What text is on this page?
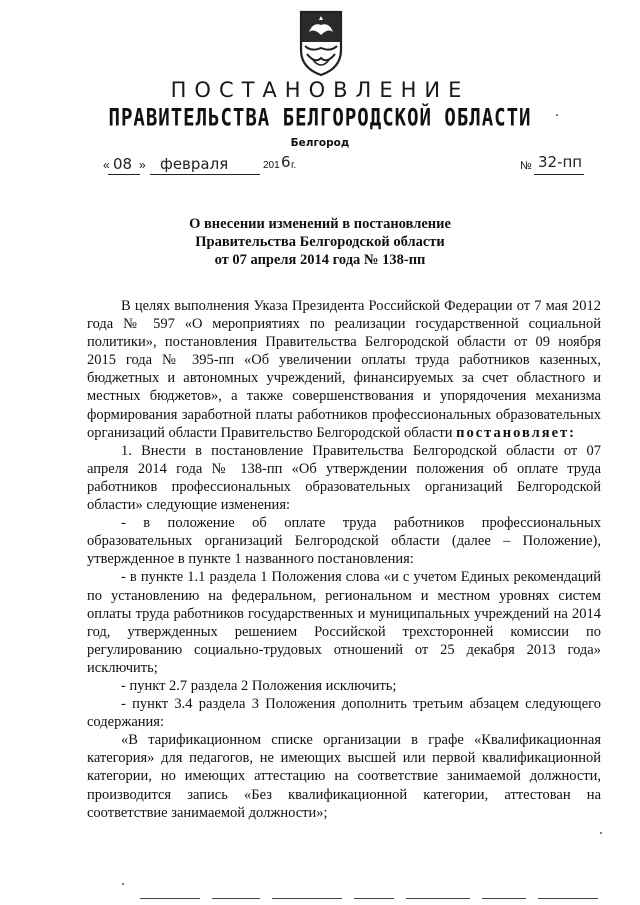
ПОСТАНОВЛЕНИЕ
ПРАВИТЕЛЬСТВА БЕЛГОРОДСКОЙ ОБЛАСТИ
Белгород
« 08 » февраля	201 6 г.	№ 32-пп
О внесении изменений в постановление
Правительства Белгородской области
от 07 апреля 2014 года № 138-пп

В целях выполнения Указа Президента Российской Федерации от 7 мая 2012 года № 597 «О мероприятиях по реализации государственной социальной политики», постановления Правительства Белгородской области от 09 ноября 2015 года № 395-пп «Об увеличении оплаты труда работников казенных, бюджетных и автономных учреждений, финансируемых за счет областного и местных бюджетов», а также совершенствования и упорядочения механизма формирования заработной платы работников профессиональных образовательных организаций области Правительство Белгородской области постановляет:

1. Внести в постановление Правительства Белгородской области от 07 апреля 2014 года № 138-пп «Об утверждении положения об оплате труда работников профессиональных образовательных организаций Белгородской области» следующие изменения:

- в положение об оплате труда работников профессиональных образовательных организаций Белгородской области (далее – Положение), утвержденное в пункте 1 названного постановления:

- в пункте 1.1 раздела 1 Положения слова «и с учетом Единых рекомендаций по установлению на федеральном, региональном и местном уровнях систем оплаты труда работников государственных и муниципальных учреждений на 2014 год, утвержденных решением Российской трехсторонней комиссии по регулированию социально-трудовых отношений от 25 декабря 2013 года» исключить;

- пункт 2.7 раздела 2 Положения исключить;

- пункт 3.4 раздела 3 Положения дополнить третьим абзацем следующего содержания:

«В тарификационном списке организации в графе «Квалификационная категория» для педагогов, не имеющих высшей или первой квалификационной категории, но имеющих аттестацию на соответствие занимаемой должности, производится запись «Без квалификационной категории, аттестован на соответствие занимаемой должности»;
